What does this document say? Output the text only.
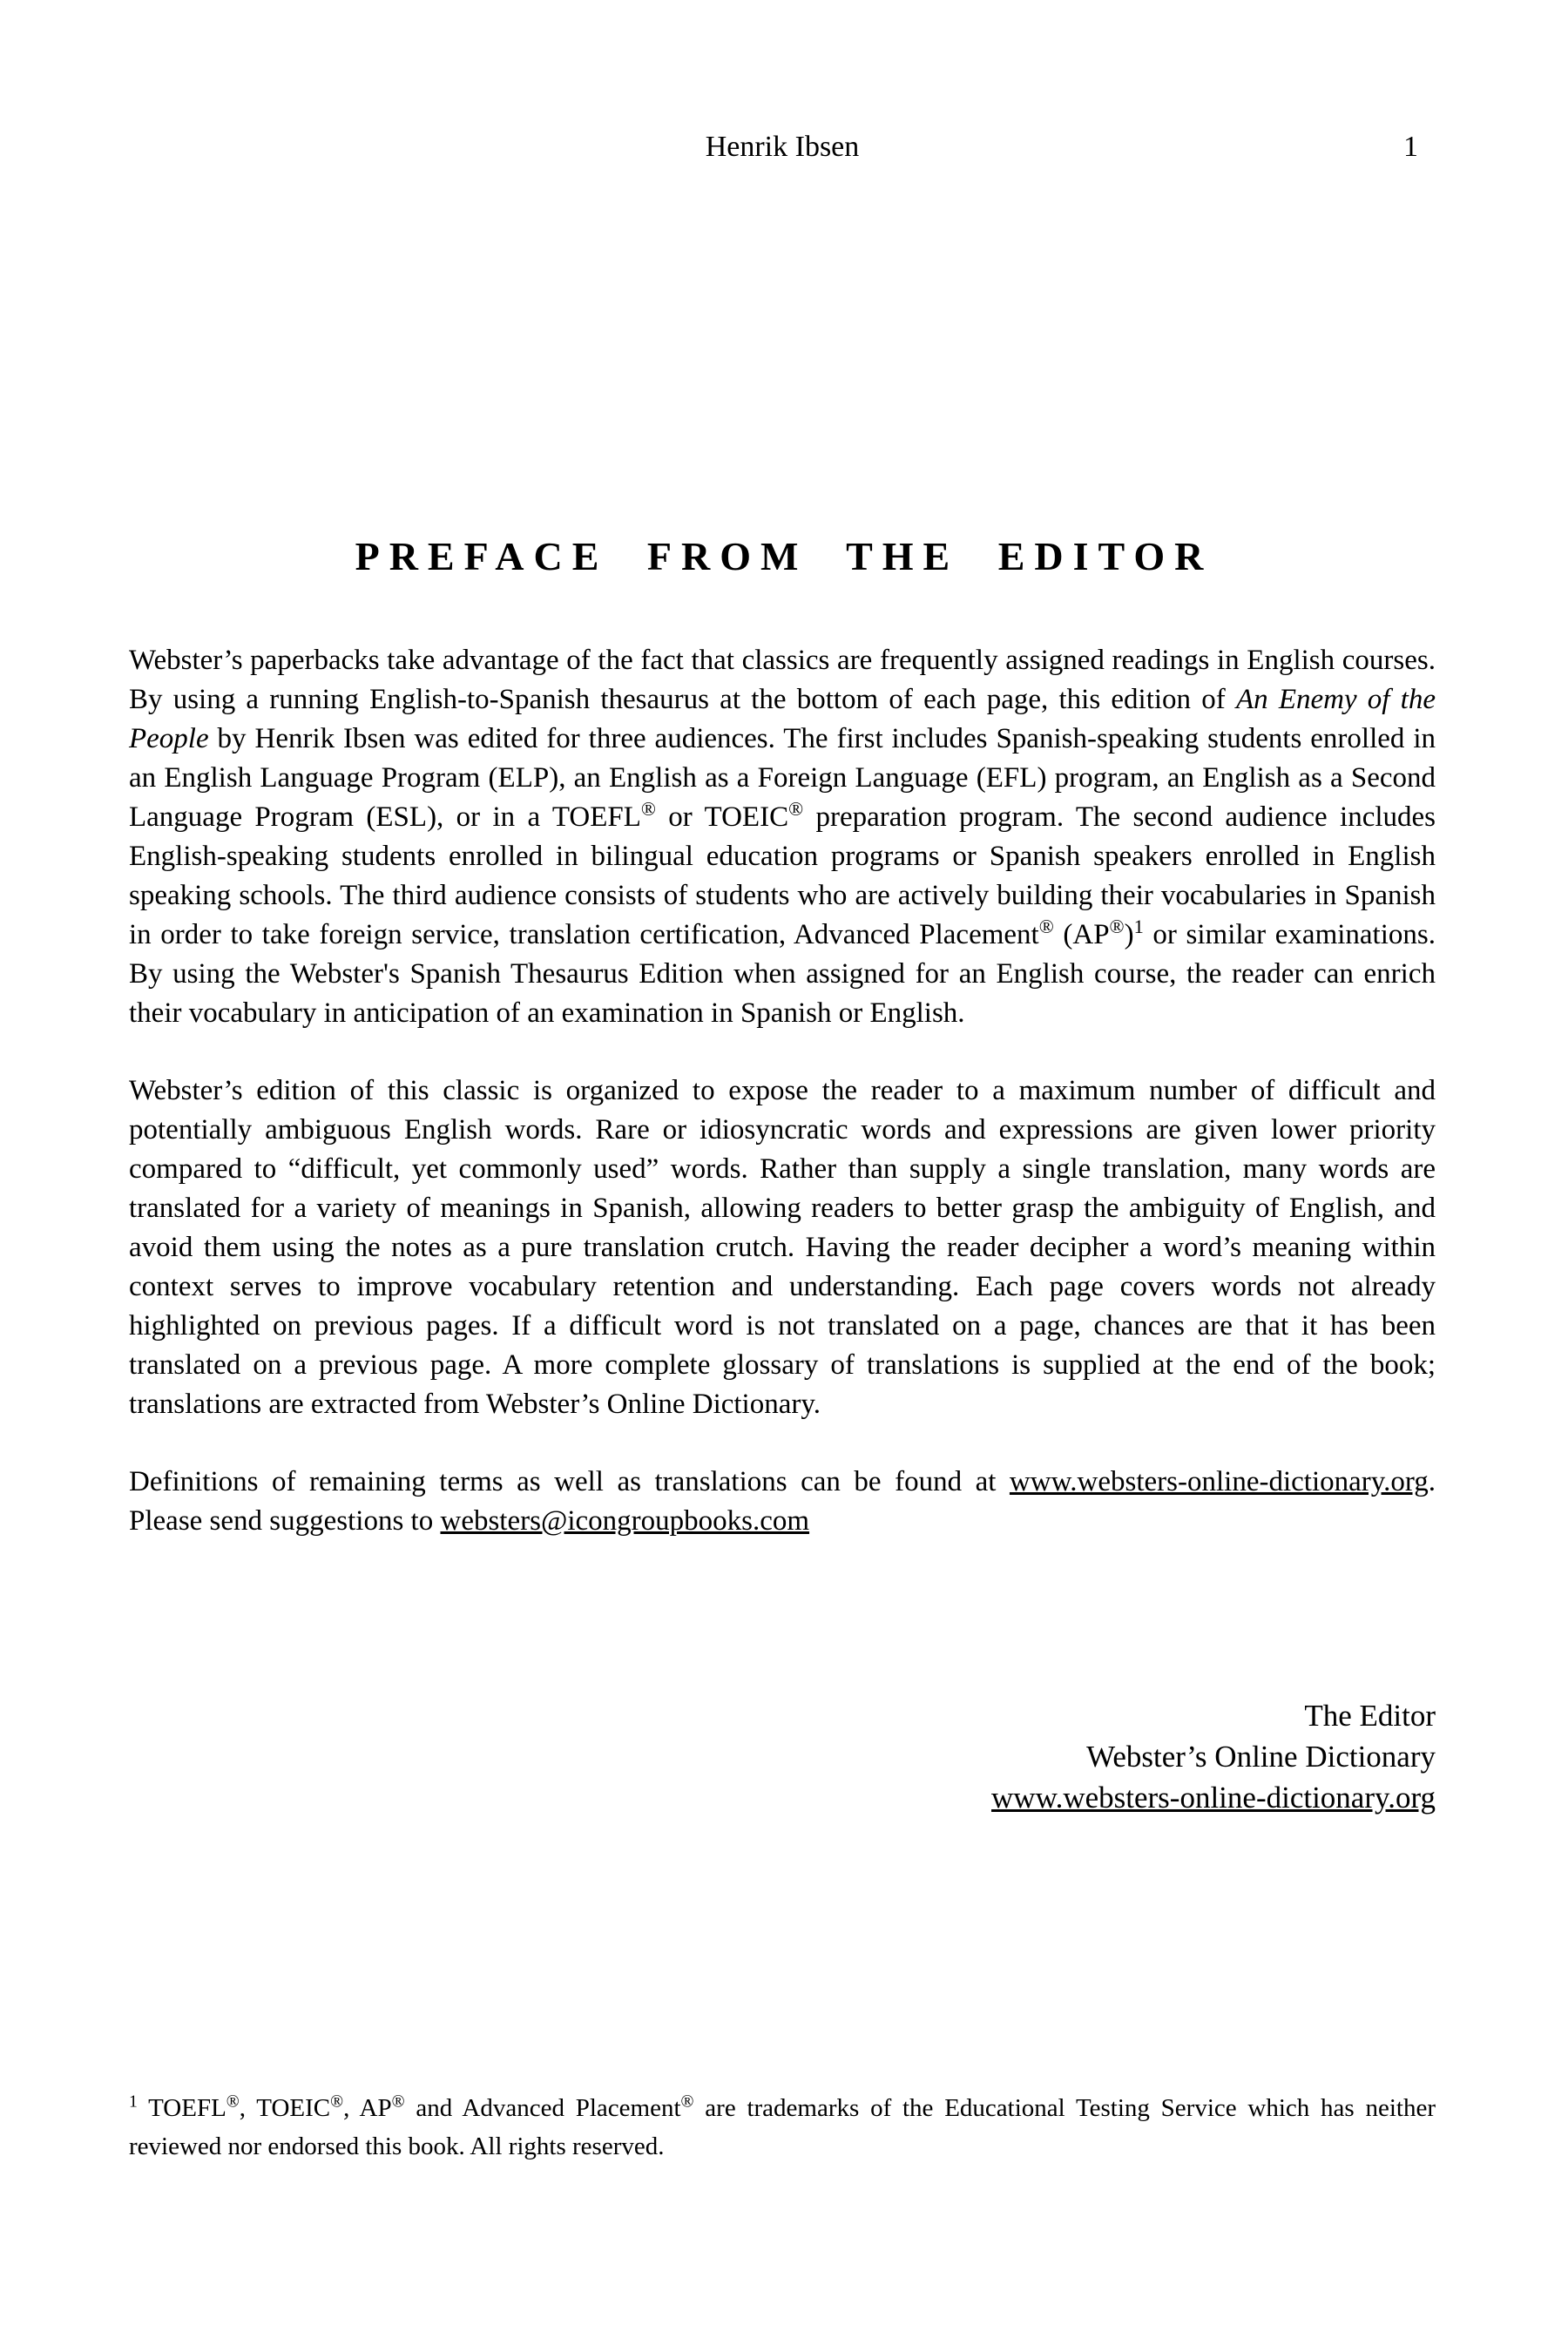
Henrik Ibsen	1
PREFACE FROM THE EDITOR

Webster’s paperbacks take advantage of the fact that classics are frequently assigned readings in English courses. By using a running English-to-Spanish thesaurus at the bottom of each page, this edition of An Enemy of the People by Henrik Ibsen was edited for three audiences. The first includes Spanish-speaking students enrolled in an English Language Program (ELP), an English as a Foreign Language (EFL) program, an English as a Second Language Program (ESL), or in a TOEFL® or TOEIC® preparation program. The second audience includes English-speaking students enrolled in bilingual education programs or Spanish speakers enrolled in English speaking schools. The third audience consists of students who are actively building their vocabularies in Spanish in order to take foreign service, translation certification, Advanced Placement® $(AP®)^1$ or similar examinations. By using the Webster's Spanish Thesaurus Edition when assigned for an English course, the reader can enrich their vocabulary in anticipation of an examination in Spanish or English.

Webster’s edition of this classic is organized to expose the reader to a maximum number of difficult and potentially ambiguous English words. Rare or idiosyncratic words and expressions are given lower priority compared to “difficult, yet commonly used” words. Rather than supply a single translation, many words are translated for a variety of meanings in Spanish, allowing readers to better grasp the ambiguity of English, and avoid them using the notes as a pure translation crutch. Having the reader decipher a word’s meaning within context serves to improve vocabulary retention and understanding. Each page covers words not already highlighted on previous pages. If a difficult word is not translated on a page, chances are that it has been translated on a previous page. A more complete glossary of translations is supplied at the end of the book; translations are extracted from Webster’s Online Dictionary.

Definitions of remaining terms as well as translations can be found at www.websters-online-dictionary.org. Please send suggestions to websters@icongroupbooks.com

The Editor
Webster’s Online Dictionary
www.websters-online-dictionary.org
$^1$ TOEFL®, TOEIC®, AP® and Advanced Placement® are trademarks of the Educational Testing Service which has neither reviewed nor endorsed this book. All rights reserved.
